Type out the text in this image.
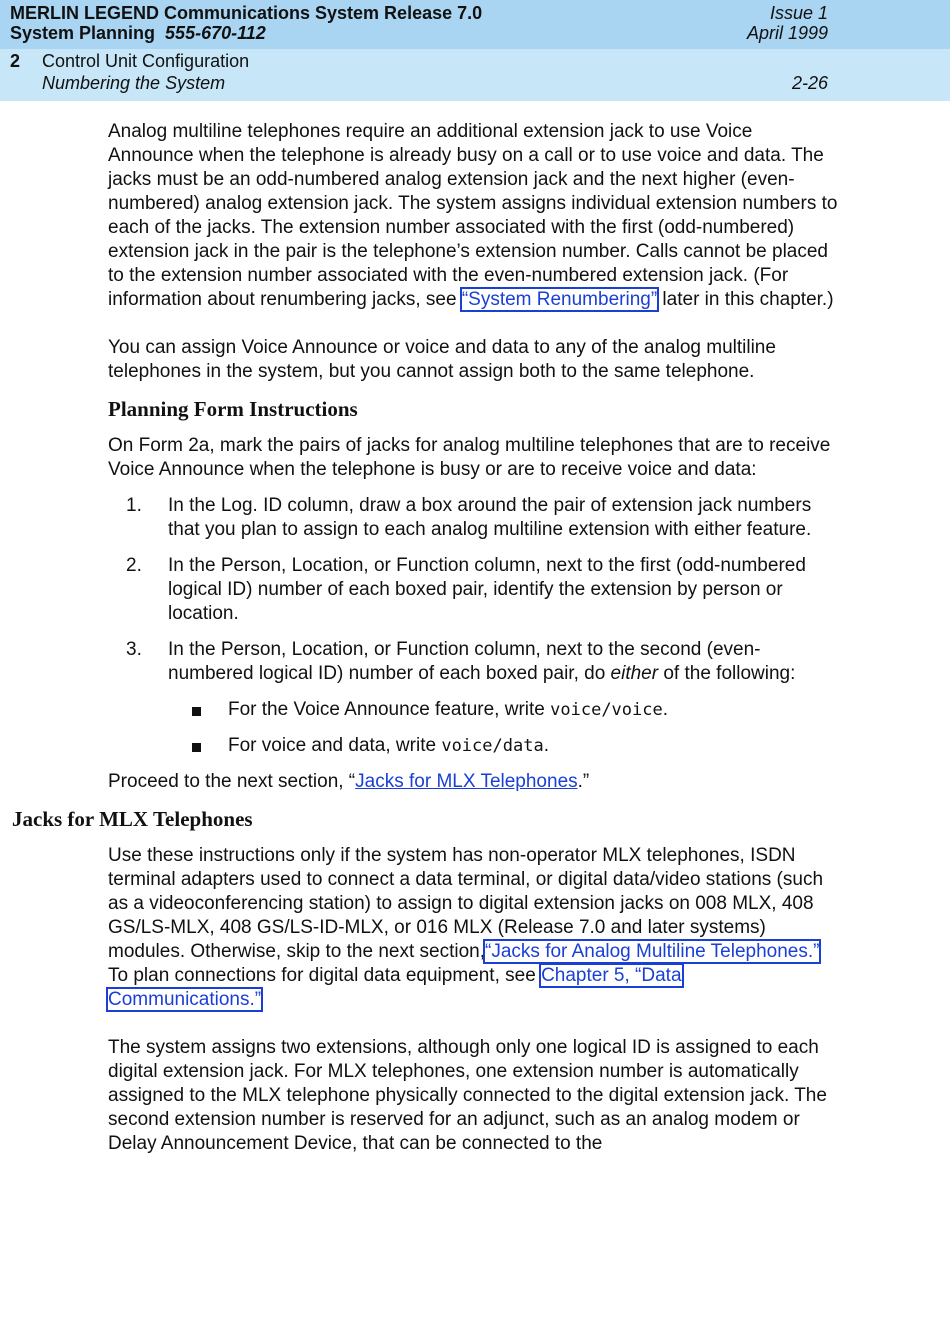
MERLIN LEGEND Communications System Release 7.0
System Planning 555-670-112
Issue 1
April 1999
2 Control Unit Configuration
Numbering the System	2-26

Analog multiline telephones require an additional extension jack to use Voice Announce when the telephone is already busy on a call or to use voice and data. The jacks must be an odd-numbered analog extension jack and the next higher (even-numbered) analog extension jack. The system assigns individual extension numbers to each of the jacks. The extension number associated with the first (odd-numbered) extension jack in the pair is the telephone’s extension number. Calls cannot be placed to the extension number associated with the even-numbered extension jack. (For information about renumbering jacks, see “System Renumbering” later in this chapter.)

You can assign Voice Announce or voice and data to any of the analog multiline telephones in the system, but you cannot assign both to the same telephone.

Planning Form Instructions

On Form 2a, mark the pairs of jacks for analog multiline telephones that are to receive Voice Announce when the telephone is busy or are to receive voice and data:

1. In the Log. ID column, draw a box around the pair of extension jack numbers that you plan to assign to each analog multiline extension with either feature.
2. In the Person, Location, or Function column, next to the first (odd-numbered logical ID) number of each boxed pair, identify the extension by person or location.
3. In the Person, Location, or Function column, next to the second (even-numbered logical ID) number of each boxed pair, do either of the following:
For the Voice Announce feature, write voice/voice.
For voice and data, write voice/data.

Proceed to the next section, “Jacks for MLX Telephones.”

Jacks for MLX Telephones

Use these instructions only if the system has non-operator MLX telephones, ISDN terminal adapters used to connect a data terminal, or digital data/video stations (such as a videoconferencing station) to assign to digital extension jacks on 008 MLX, 408 GS/LS-MLX, 408 GS/LS-ID-MLX, or 016 MLX (Release 7.0 and later systems) modules. Otherwise, skip to the next section,“Jacks for Analog Multiline Telephones.” To plan connections for digital data equipment, see Chapter 5, “Data Communications.”

The system assigns two extensions, although only one logical ID is assigned to each digital extension jack. For MLX telephones, one extension number is automatically assigned to the MLX telephone physically connected to the digital extension jack. The second extension number is reserved for an adjunct, such as an analog modem or Delay Announcement Device, that can be connected to the
